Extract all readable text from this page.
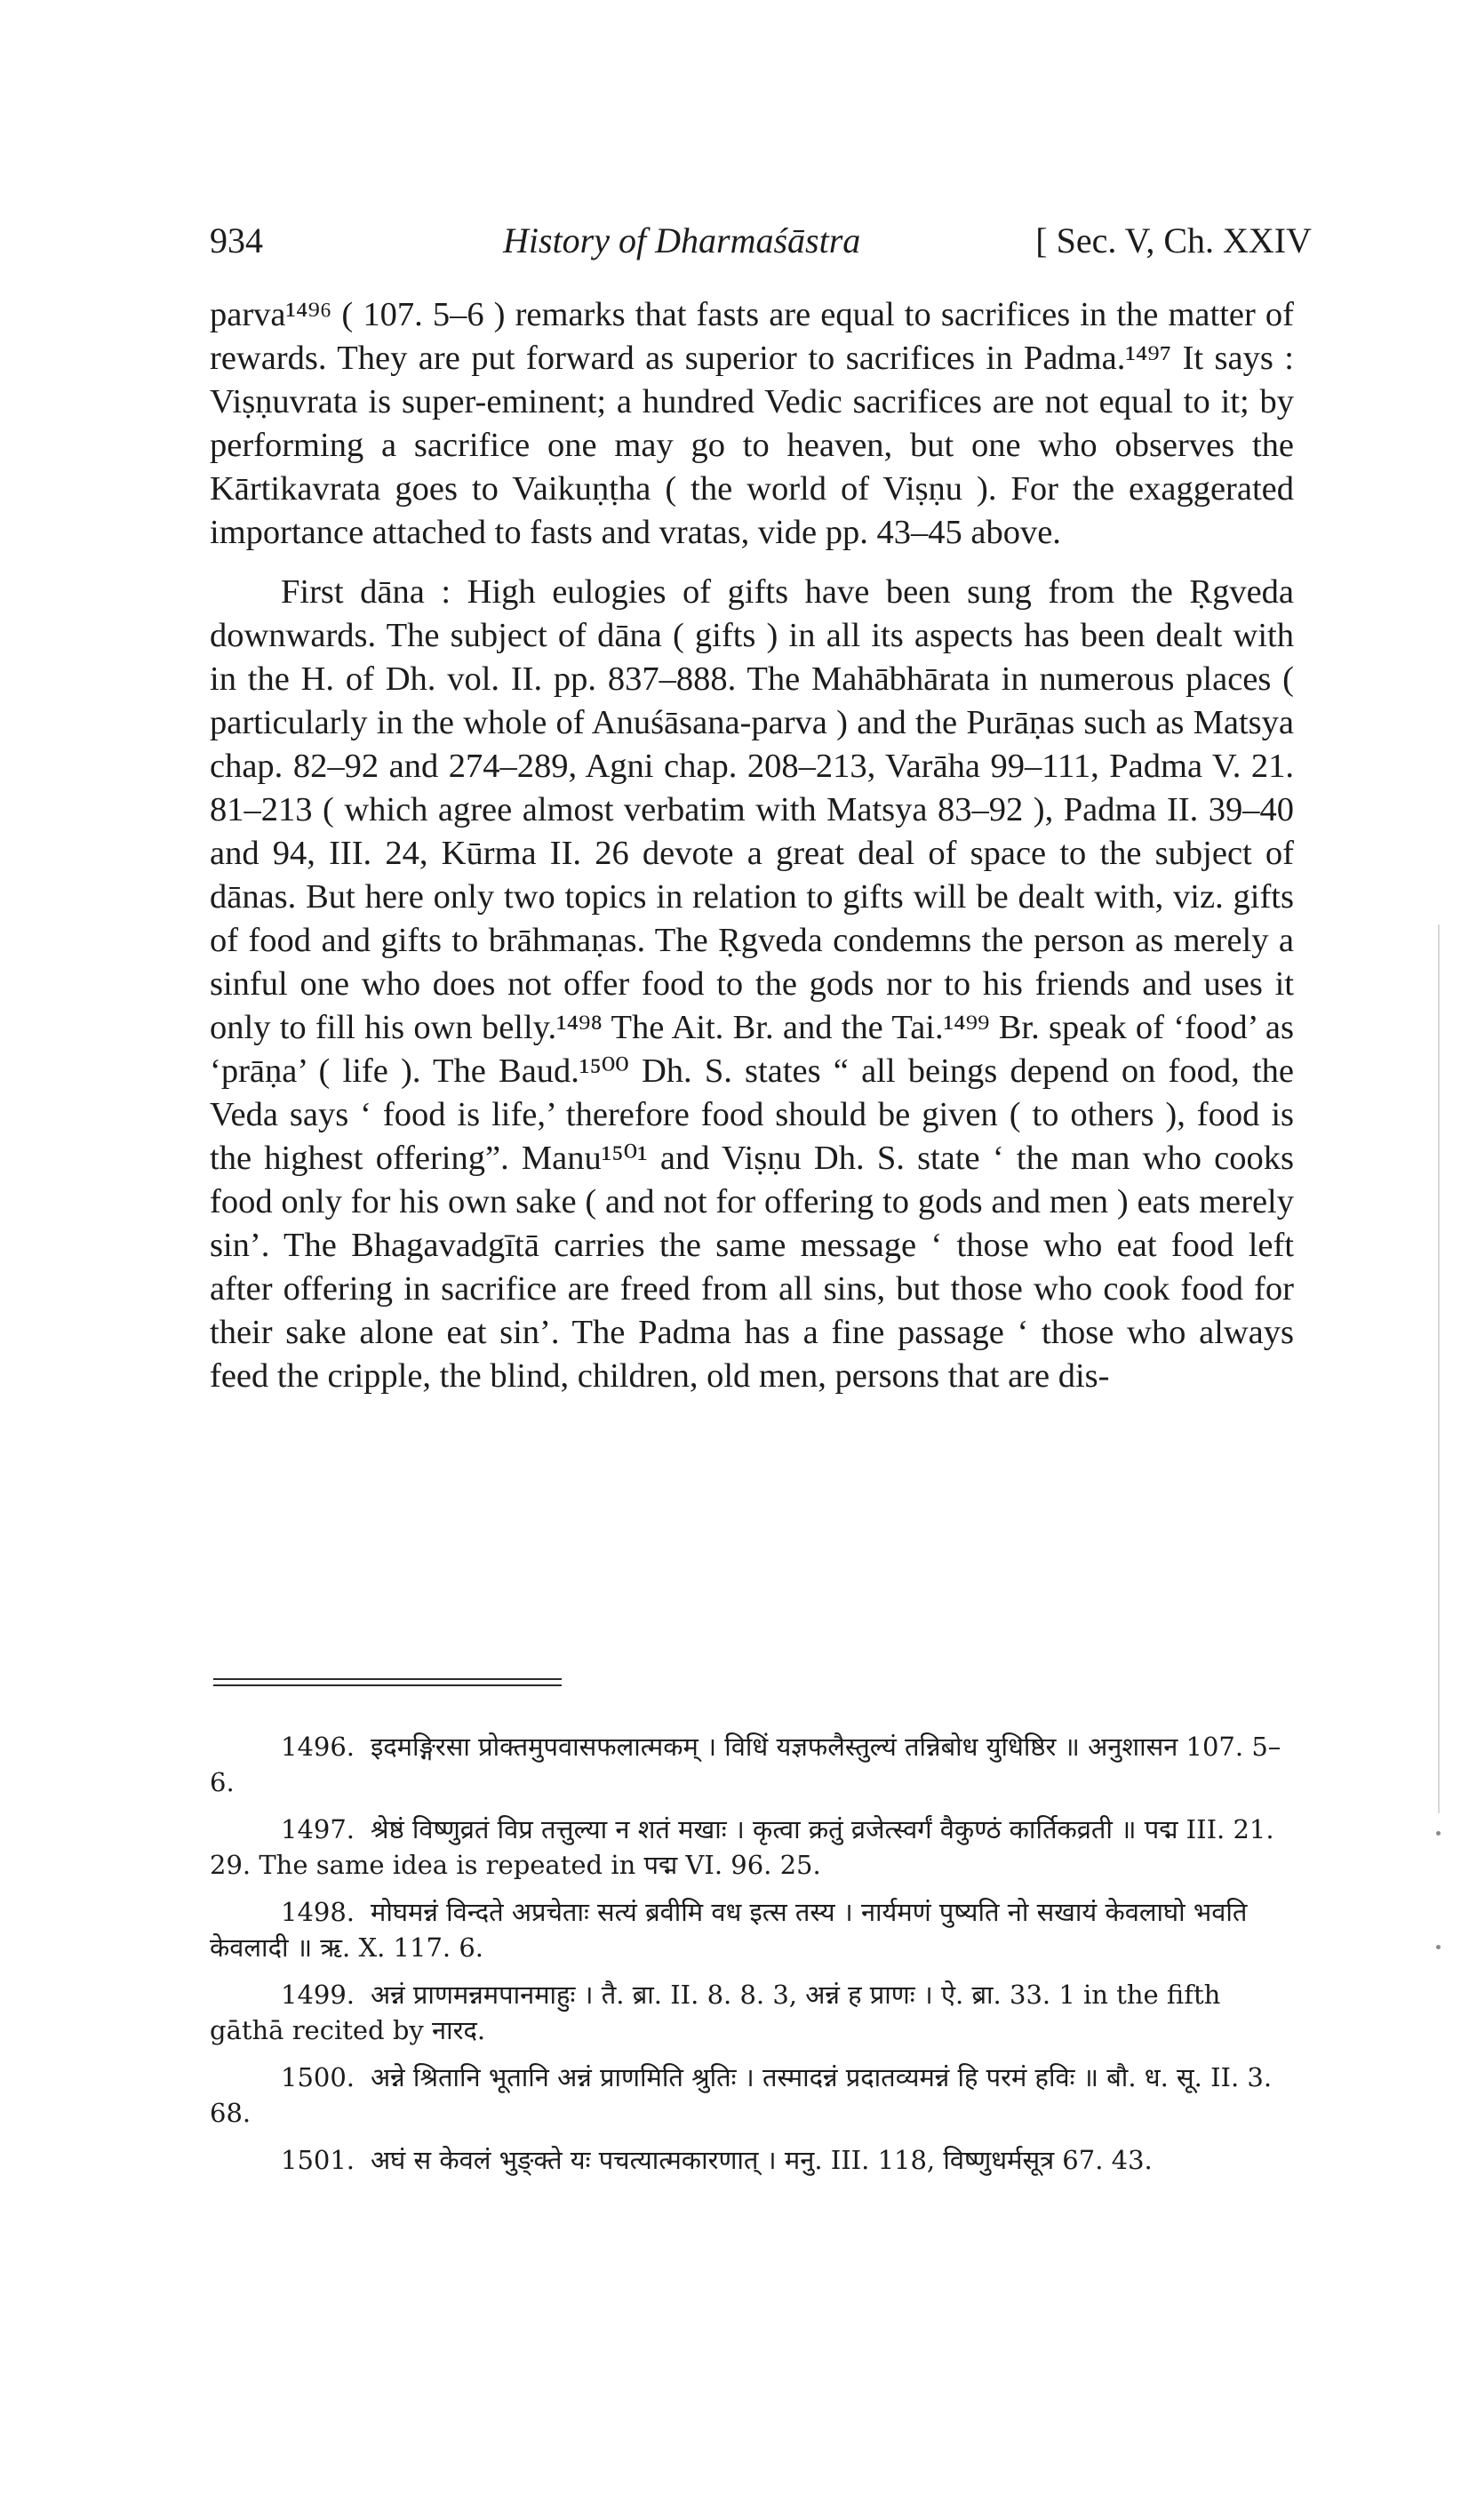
934	History of Dharmaśāstra	[ Sec. V, Ch. XXIV

parva¹⁴⁹⁶ ( 107. 5–6 ) remarks that fasts are equal to sacrifices in the matter of rewards. They are put forward as superior to sacrifices in Padma.¹⁴⁹⁷ It says : Viṣṇuvrata is super-eminent; a hundred Vedic sacrifices are not equal to it; by performing a sacrifice one may go to heaven, but one who observes the Kārtikavrata goes to Vaikuṇṭha ( the world of Viṣṇu ). For the exaggerated importance attached to fasts and vratas, vide pp. 43–45 above.

First dāna : High eulogies of gifts have been sung from the Ṛgveda downwards. The subject of dāna ( gifts ) in all its aspects has been dealt with in the H. of Dh. vol. II. pp. 837–888. The Mahābhārata in numerous places ( particularly in the whole of Anuśāsana-parva ) and the Purāṇas such as Matsya chap. 82–92 and 274–289, Agni chap. 208–213, Varāha 99–111, Padma V. 21. 81–213 ( which agree almost verbatim with Matsya 83–92 ), Padma II. 39–40 and 94, III. 24, Kūrma II. 26 devote a great deal of space to the subject of dānas. But here only two topics in relation to gifts will be dealt with, viz. gifts of food and gifts to brāhmaṇas. The Ṛgveda condemns the person as merely a sinful one who does not offer food to the gods nor to his friends and uses it only to fill his own belly.¹⁴⁹⁸ The Ait. Br. and the Tai.¹⁴⁹⁹ Br. speak of ‘food’ as ‘prāṇa’ ( life ). The Baud.¹⁵⁰⁰ Dh. S. states “ all beings depend on food, the Veda says ‘ food is life,’ therefore food should be given ( to others ), food is the highest offering”. Manu¹⁵⁰¹ and Viṣṇu Dh. S. state ‘ the man who cooks food only for his own sake ( and not for offering to gods and men ) eats merely sin’. The Bhagavadgītā carries the same message ‘ those who eat food left after offering in sacrifice are freed from all sins, but those who cook food for their sake alone eat sin’. The Padma has a fine passage ‘ those who always feed the cripple, the blind, children, old men, persons that are dis-

1496. इदमङ्गिरसा प्रोक्तमुपवासफलात्मकम् । विधिं यज्ञफलैस्तुल्यं तन्निबोध युधिष्ठिर ॥ अनुशासन 107. 5–6.

1497. श्रेष्ठं विष्णुव्रतं विप्र तत्तुल्या न शतं मखाः । कृत्वा क्रतुं व्रजेत्स्वर्गं वैकुण्ठं कार्तिकव्रती ॥ पद्म III. 21. 29. The same idea is repeated in पद्म VI. 96. 25.

1498. मोघमन्नं विन्दते अप्रचेताः सत्यं ब्रवीमि वध इत्स तस्य । नार्यमणं पुष्यति नो सखायं केवलाघो भवति केवलादी ॥ ऋ. X. 117. 6.

1499. अन्नं प्राणमन्नमपानमाहुः । तै. ब्रा. II. 8. 8. 3, अन्नं ह प्राणः । ऐ. ब्रा. 33. 1 in the fifth gāthā recited by नारद.

1500. अन्ने श्रितानि भूतानि अन्नं प्राणमिति श्रुतिः । तस्मादन्नं प्रदातव्यमन्नं हि परमं हविः ॥ बौ. ध. सू. II. 3. 68.

1501. अघं स केवलं भुङ्क्ते यः पचत्यात्मकारणात् । मनु. III. 118, विष्णुधर्मसूत्र 67. 43.
